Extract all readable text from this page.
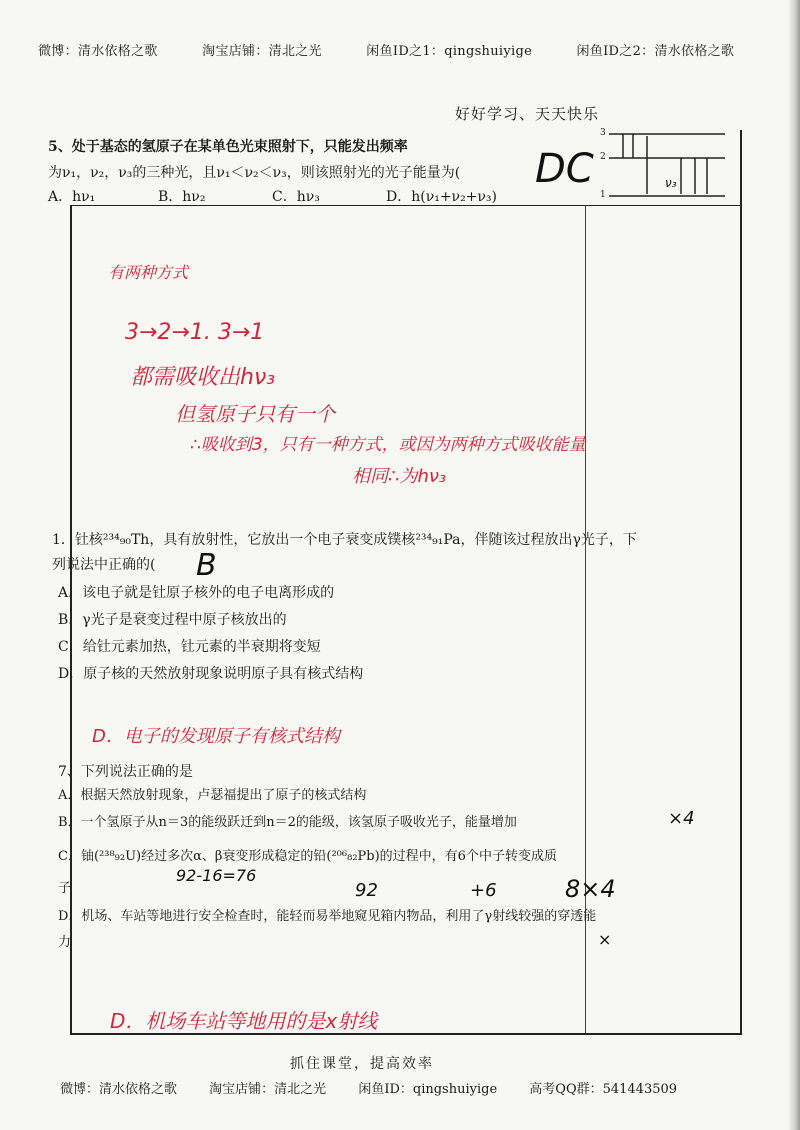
微博：清水依格之歌	淘宝店铺：清北之光	闲鱼ID之1：qingshuiyige	闲鱼ID之2：清水依格之歌
好好学习、天天快乐
5、处于基态的氢原子在某单色光束照射下，只能发出频率
为ν₁，ν₂，ν₃的三种光，且ν₁＜ν₂＜ν₃，则该照射光的光子能量为(
A．hν₁	B．hν₂	C．hν₃	D．h(ν₁+ν₂+ν₃)
DC
3
2
1
ν₃
有两种方式
3→2→1. 3→1
都需吸收出hν₃
但氢原子只有一个
∴吸收到3，只有一种方式，或因为两种方式吸收能量
相同∴为hν₃
1．钍核²³⁴₉₀Th，具有放射性，它放出一个电子衰变成镤核²³⁴₉₁Pa，伴随该过程放出γ光子，下
列说法中正确的( B
A．该电子就是钍原子核外的电子电离形成的
B．γ光子是衰变过程中原子核放出的
C．给钍元素加热，钍元素的半衰期将变短
D．原子核的天然放射现象说明原子具有核式结构
D．电子的发现原子有核式结构
7、下列说法正确的是
A．根据天然放射现象，卢瑟福提出了原子的核式结构
B．一个氢原子从n＝3的能级跃迁到n＝2的能级，该氢原子吸收光子，能量增加
C．铀(²³⁸₉₂U)经过多次α、β衰变形成稳定的铅(²⁰⁶₈₂Pb)的过程中，有6个中子转变成质
子
D．机场、车站等地进行安全检查时，能轻而易举地窥见箱内物品，利用了γ射线较强的穿透能
力
×4
92-16=76
92	+6	8×4
×
D．机场车站等地用的是x射线
抓住课堂，提高效率
微博：清水依格之歌 淘宝店铺：清北之光 闲鱼ID：qingshuiyige 高考QQ群：541443509
